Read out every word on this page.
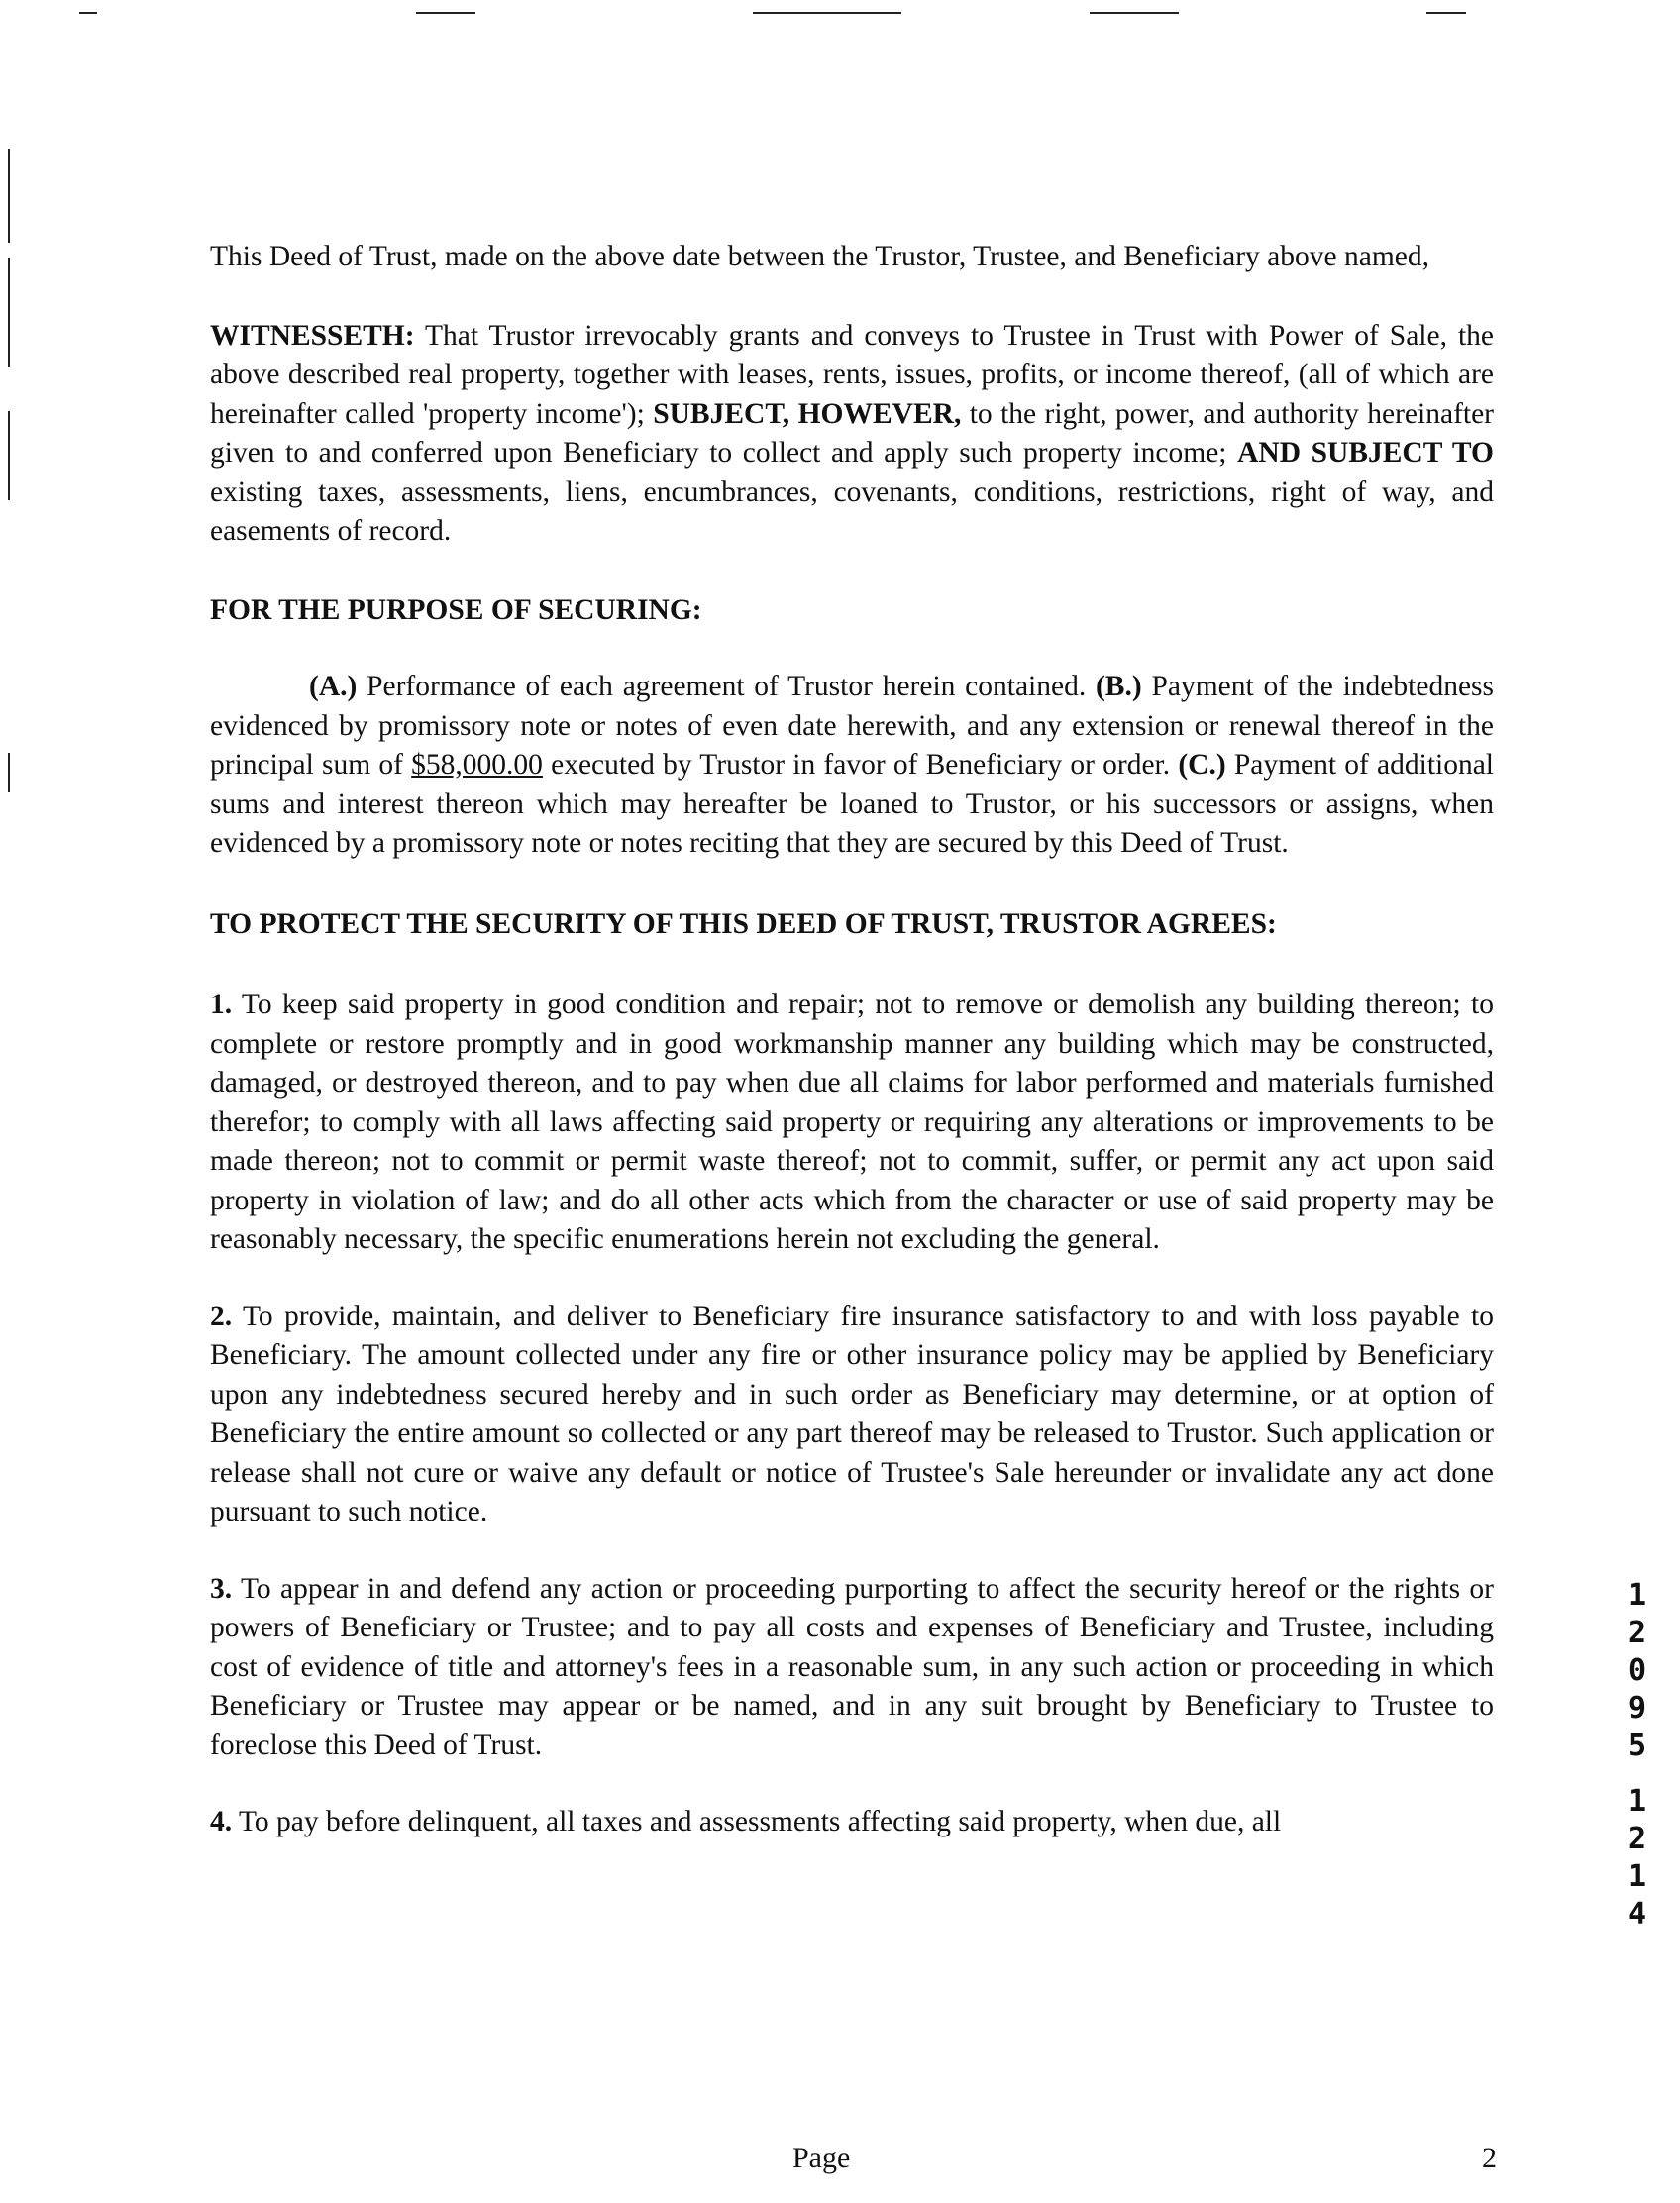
This Deed of Trust, made on the above date between the Trustor, Trustee, and Beneficiary above named,

WITNESSETH: That Trustor irrevocably grants and conveys to Trustee in Trust with Power of Sale, the above described real property, together with leases, rents, issues, profits, or income thereof, (all of which are hereinafter called 'property income'); SUBJECT, HOWEVER, to the right, power, and authority hereinafter given to and conferred upon Beneficiary to collect and apply such property income; AND SUBJECT TO existing taxes, assessments, liens, encumbrances, covenants, conditions, restrictions, right of way, and easements of record.

FOR THE PURPOSE OF SECURING:

(A.) Performance of each agreement of Trustor herein contained. (B.) Payment of the indebtedness evidenced by promissory note or notes of even date herewith, and any extension or renewal thereof in the principal sum of $58,000.00 executed by Trustor in favor of Beneficiary or order. (C.) Payment of additional sums and interest thereon which may hereafter be loaned to Trustor, or his successors or assigns, when evidenced by a promissory note or notes reciting that they are secured by this Deed of Trust.

TO PROTECT THE SECURITY OF THIS DEED OF TRUST, TRUSTOR AGREES:

1. To keep said property in good condition and repair; not to remove or demolish any building thereon; to complete or restore promptly and in good workmanship manner any building which may be constructed, damaged, or destroyed thereon, and to pay when due all claims for labor performed and materials furnished therefor; to comply with all laws affecting said property or requiring any alterations or improvements to be made thereon; not to commit or permit waste thereof; not to commit, suffer, or permit any act upon said property in violation of law; and do all other acts which from the character or use of said property may be reasonably necessary, the specific enumerations herein not excluding the general.

2. To provide, maintain, and deliver to Beneficiary fire insurance satisfactory to and with loss payable to Beneficiary. The amount collected under any fire or other insurance policy may be applied by Beneficiary upon any indebtedness secured hereby and in such order as Beneficiary may determine, or at option of Beneficiary the entire amount so collected or any part thereof may be released to Trustor. Such application or release shall not cure or waive any default or notice of Trustee's Sale hereunder or invalidate any act done pursuant to such notice.

3. To appear in and defend any action or proceeding purporting to affect the security hereof or the rights or powers of Beneficiary or Trustee; and to pay all costs and expenses of Beneficiary and Trustee, including cost of evidence of title and attorney's fees in a reasonable sum, in any such action or proceeding in which Beneficiary or Trustee may appear or be named, and in any suit brought by Beneficiary to Trustee to foreclose this Deed of Trust.

4. To pay before delinquent, all taxes and assessments affecting said property, when due, all

Page	2
1
2
0
9
5
1
2
1
4
